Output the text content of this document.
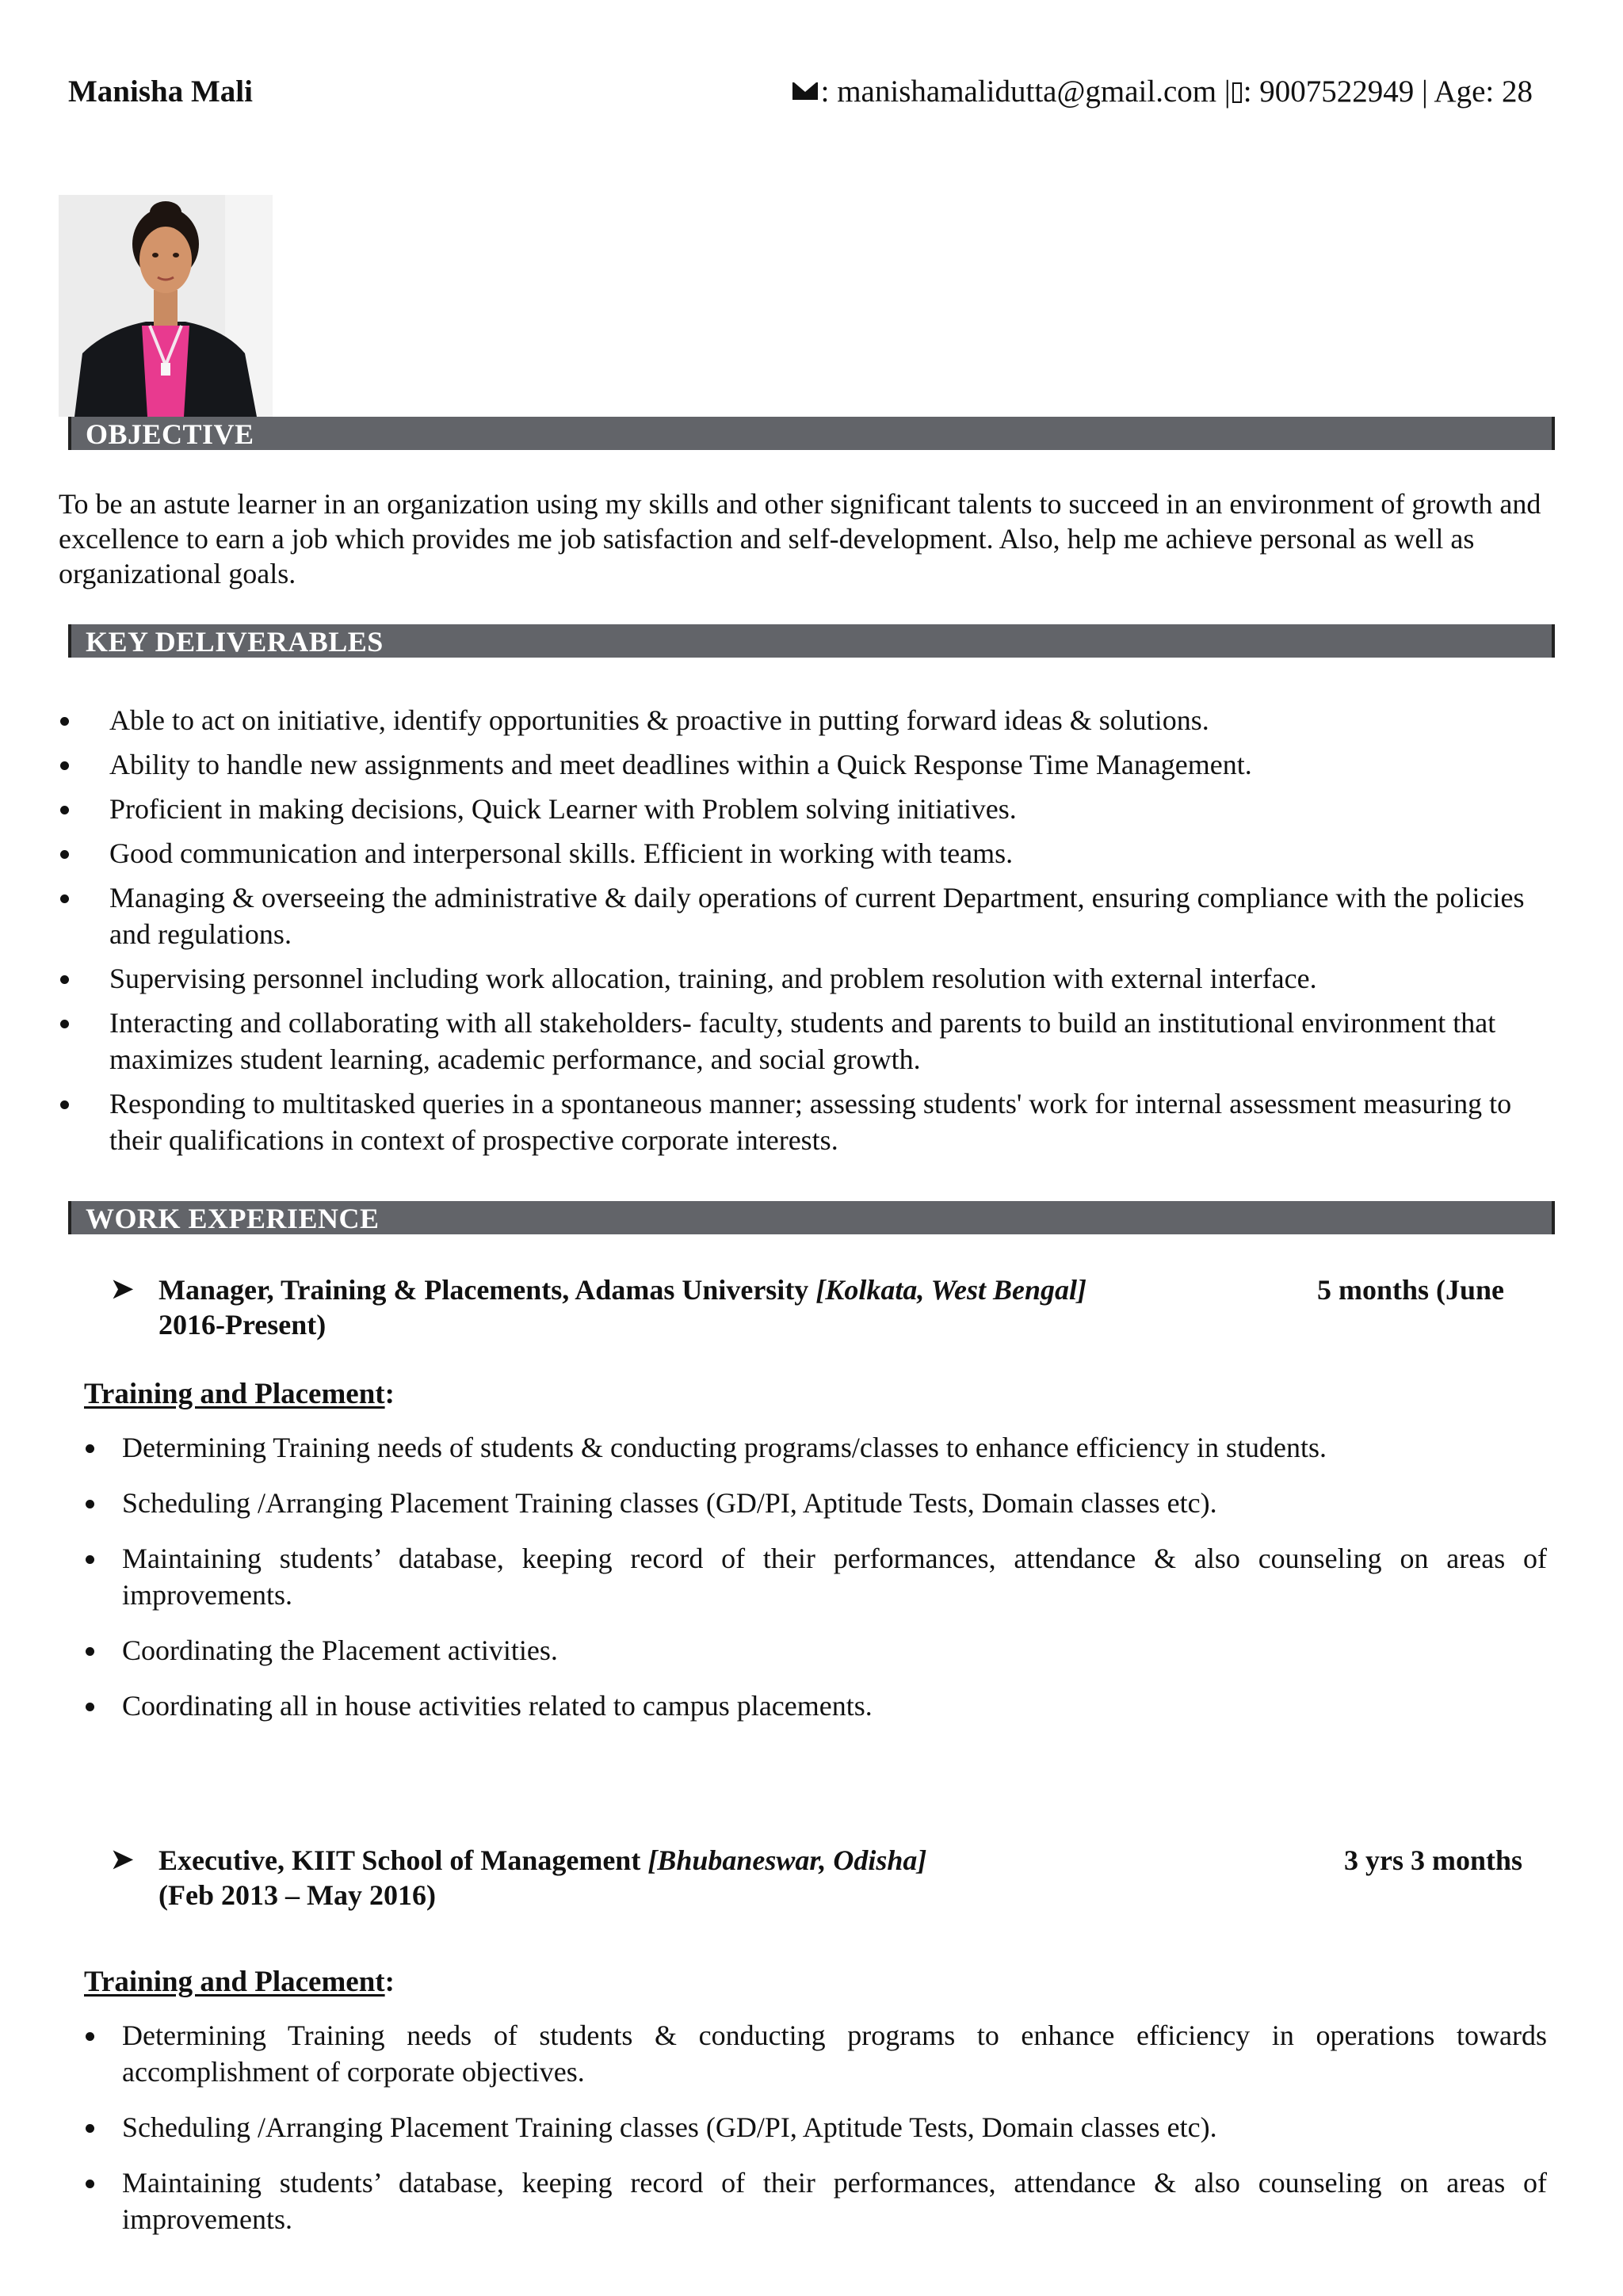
Manisha Mali	: manishamalidutta@gmail.com | : 9007522949 | Age: 28
OBJECTIVE
To be an astute learner in an organization using my skills and other significant talents to succeed in an environment of growth and excellence to earn a job which provides me job satisfaction and self-development. Also, help me achieve personal as well as organizational goals.
KEY DELIVERABLES
Able to act on initiative, identify opportunities & proactive in putting forward ideas & solutions.
Ability to handle new assignments and meet deadlines within a Quick Response Time Management.
Proficient in making decisions, Quick Learner with Problem solving initiatives.
Good communication and interpersonal skills. Efficient in working with teams.
Managing & overseeing the administrative & daily operations of current Department, ensuring compliance with the policies and regulations.
Supervising personnel including work allocation, training, and problem resolution with external interface.
Interacting and collaborating with all stakeholders- faculty, students and parents to build an institutional environment that maximizes student learning, academic performance, and social growth.
Responding to multitasked queries in a spontaneous manner; assessing students' work for internal assessment measuring to their qualifications in context of prospective corporate interests.
WORK EXPERIENCE
➤ Manager, Training & Placements, Adamas University [Kolkata, West Bengal]	5 months (June
2016-Present)
Training and Placement:
Determining Training needs of students & conducting programs/classes to enhance efficiency in students.
Scheduling /Arranging Placement Training classes (GD/PI, Aptitude Tests, Domain classes etc).
Maintaining students’ database, keeping record of their performances, attendance & also counseling on areas of improvements.
Coordinating the Placement activities.
Coordinating all in house activities related to campus placements.
➤ Executive, KIIT School of Management [Bhubaneswar, Odisha]	3 yrs 3 months
(Feb 2013 – May 2016)
Training and Placement:
Determining Training needs of students & conducting programs to enhance efficiency in operations towards accomplishment of corporate objectives.
Scheduling /Arranging Placement Training classes (GD/PI, Aptitude Tests, Domain classes etc).
Maintaining students’ database, keeping record of their performances, attendance & also counseling on areas of improvements.
